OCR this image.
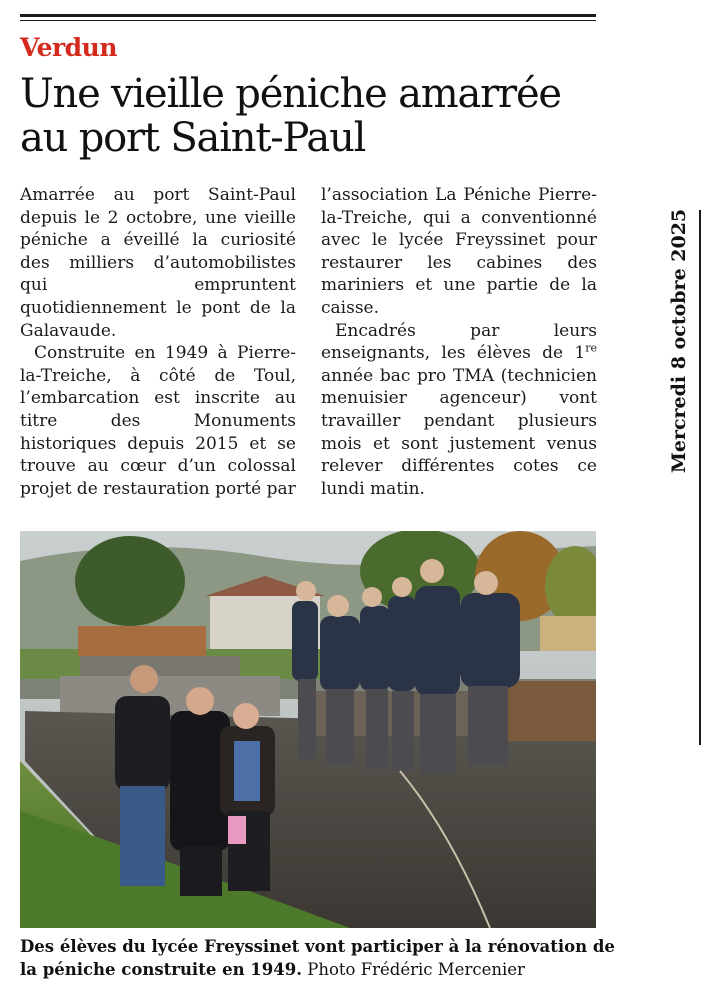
Verdun
Une vieille péniche amarrée au port Saint-Paul

Amarrée au port Saint-Paul depuis le 2 octobre, une vieille péniche a éveillé la curiosité des milliers d’automobilistes qui empruntent quotidiennement le pont de la Galavaude.

Construite en 1949 à Pierre-la-Treiche, à côté de Toul, l’embarcation est inscrite au titre des Monuments historiques depuis 2015 et se trouve au cœur d’un colossal projet de restauration porté par

l’association La Péniche Pierre-la-Treiche, qui a conventionné avec le lycée Freyssinet pour restaurer les cabines des mariniers et une partie de la caisse.

Encadrés par leurs enseignants, les élèves de 1re année bac pro TMA (technicien menuisier agenceur) vont travailler pendant plusieurs mois et sont justement venus relever différentes cotes ce lundi matin.

Mercredi 8 octobre 2025
Des élèves du lycée Freyssinet vont participer à la rénovation de la péniche construite en 1949. Photo Frédéric Mercenier
